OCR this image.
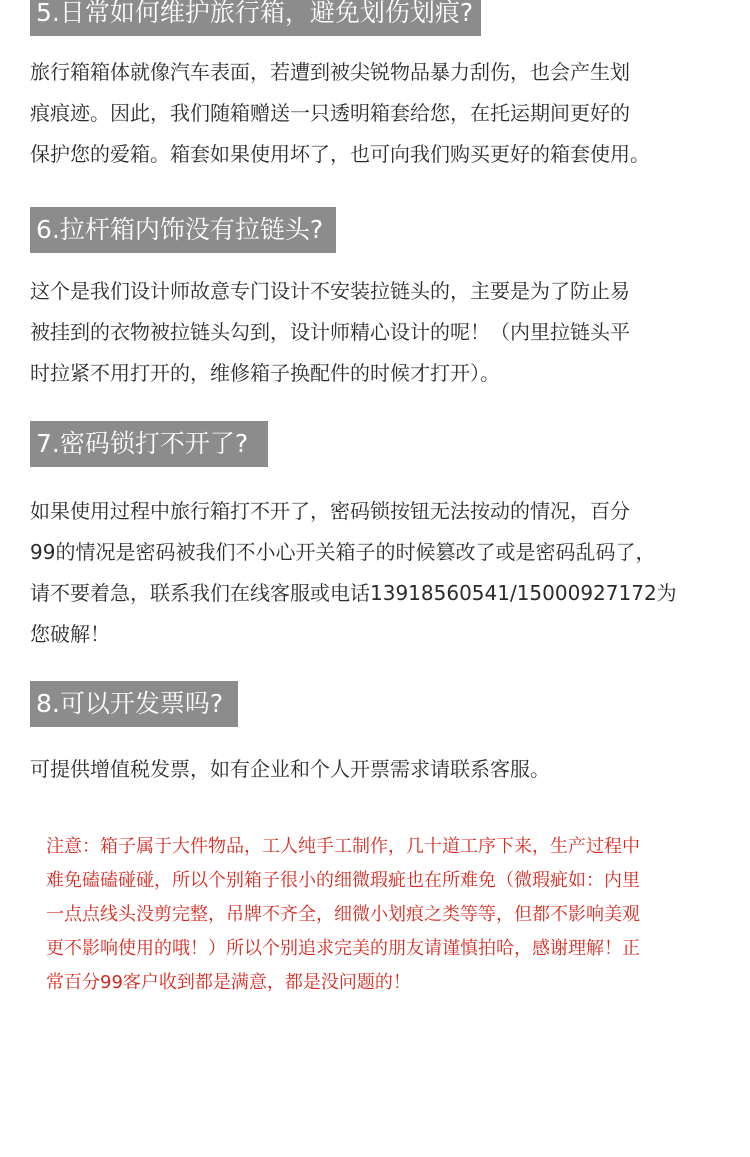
5.日常如何维护旅行箱，避免划伤划痕?
旅行箱箱体就像汽车表面，若遭到被尖锐物品暴力刮伤，也会产生划
痕痕迹。因此，我们随箱赠送一只透明箱套给您，在托运期间更好的
保护您的爱箱。箱套如果使用坏了，也可向我们购买更好的箱套使用。
6.拉杆箱内饰没有拉链头?
这个是我们设计师故意专门设计不安装拉链头的，主要是为了防止易
被挂到的衣物被拉链头勾到，设计师精心设计的呢！（内里拉链头平
时拉紧不用打开的，维修箱子换配件的时候才打开）。
7.密码锁打不开了?
如果使用过程中旅行箱打不开了，密码锁按钮无法按动的情况，百分
99的情况是密码被我们不小心开关箱子的时候篡改了或是密码乱码了，
请不要着急，联系我们在线客服或电话13918560541/15000927172为
您破解！
8.可以开发票吗?
可提供增值税发票，如有企业和个人开票需求请联系客服。
注意：箱子属于大件物品，工人纯手工制作，几十道工序下来，生产过程中
难免磕磕碰碰，所以个别箱子很小的细微瑕疵也在所难免（微瑕疵如：内里
一点点线头没剪完整，吊牌不齐全，细微小划痕之类等等，但都不影响美观
更不影响使用的哦！）所以个别追求完美的朋友请谨慎拍哈，感谢理解！正
常百分99客户收到都是满意，都是没问题的！
